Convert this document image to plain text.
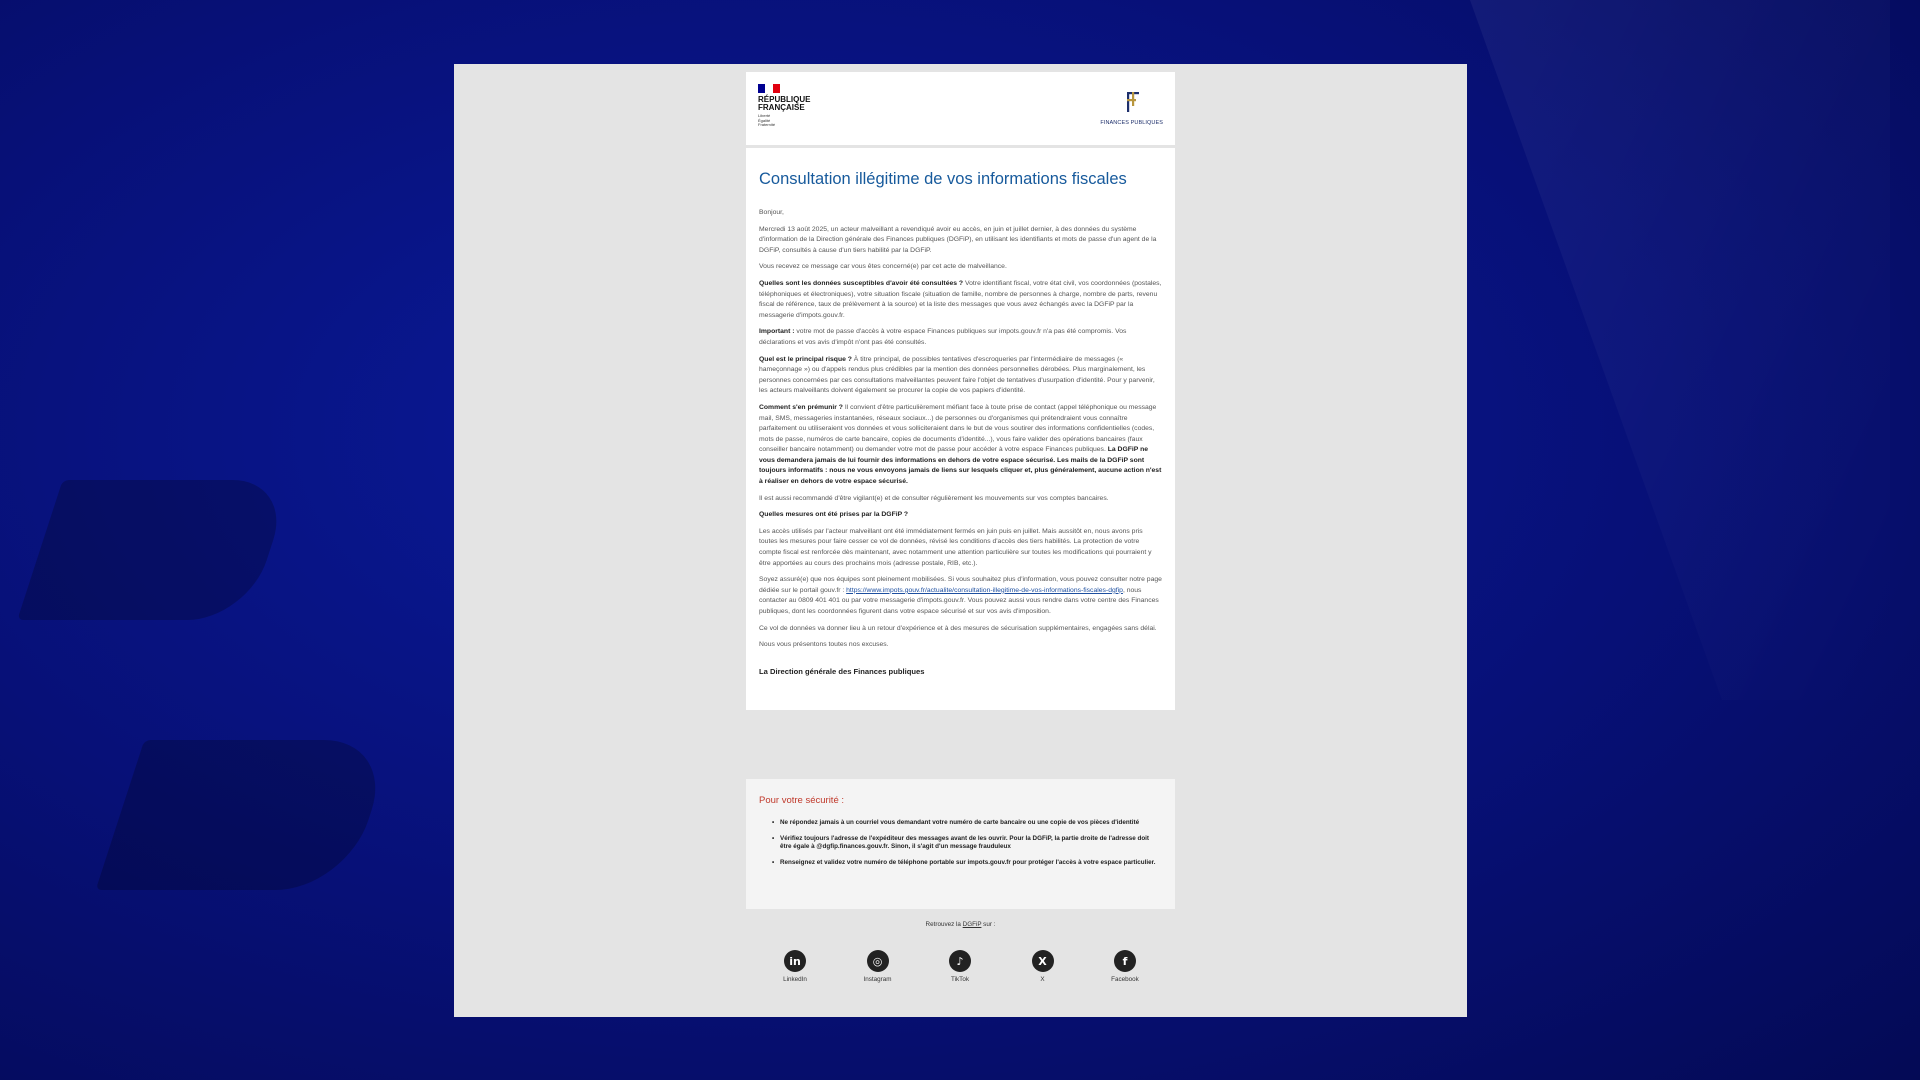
RÉPUBLIQUE
FRANÇAISE
Liberté
Égalité
Fraternité	FINANCES PUBLIQUES
Consultation illégitime de vos informations fiscales

Bonjour,

Mercredi 13 août 2025, un acteur malveillant a revendiqué avoir eu accès, en juin et juillet dernier, à des données du système d'information de la Direction générale des Finances publiques (DGFiP), en utilisant les identifiants et mots de passe d'un agent de la DGFiP, consultés à cause d'un tiers habilité par la DGFiP.

Vous recevez ce message car vous êtes concerné(e) par cet acte de malveillance.

Quelles sont les données susceptibles d'avoir été consultées ? Votre identifiant fiscal, votre état civil, vos coordonnées (postales, téléphoniques et électroniques), votre situation fiscale (situation de famille, nombre de personnes à charge, nombre de parts, revenu fiscal de référence, taux de prélèvement à la source) et la liste des messages que vous avez échangés avec la DGFiP par la messagerie d'impots.gouv.fr.

Important : votre mot de passe d'accès à votre espace Finances publiques sur impots.gouv.fr n'a pas été compromis. Vos déclarations et vos avis d'impôt n'ont pas été consultés.

Quel est le principal risque ? À titre principal, de possibles tentatives d'escroqueries par l'intermédiaire de messages (« hameçonnage ») ou d'appels rendus plus crédibles par la mention des données personnelles dérobées. Plus marginalement, les personnes concernées par ces consultations malveillantes peuvent faire l'objet de tentatives d'usurpation d'identité. Pour y parvenir, les acteurs malveillants doivent également se procurer la copie de vos papiers d'identité.

Comment s'en prémunir ? Il convient d'être particulièrement méfiant face à toute prise de contact (appel téléphonique ou message mail, SMS, messageries instantanées, réseaux sociaux...) de personnes ou d'organismes qui prétendraient vous connaître parfaitement ou utiliseraient vos données et vous solliciteraient dans le but de vous soutirer des informations confidentielles (codes, mots de passe, numéros de carte bancaire, copies de documents d'identité...), vous faire valider des opérations bancaires (faux conseiller bancaire notamment) ou demander votre mot de passe pour accéder à votre espace Finances publiques. La DGFiP ne vous demandera jamais de lui fournir des informations en dehors de votre espace sécurisé. Les mails de la DGFiP sont toujours informatifs : nous ne vous envoyons jamais de liens sur lesquels cliquer et, plus généralement, aucune action n'est à réaliser en dehors de votre espace sécurisé.

Il est aussi recommandé d'être vigilant(e) et de consulter régulièrement les mouvements sur vos comptes bancaires.

Quelles mesures ont été prises par la DGFiP ?

Les accès utilisés par l'acteur malveillant ont été immédiatement fermés en juin puis en juillet. Mais aussitôt en, nous avons pris toutes les mesures pour faire cesser ce vol de données, révisé les conditions d'accès des tiers habilités. La protection de votre compte fiscal est renforcée dès maintenant, avec notamment une attention particulière sur toutes les modifications qui pourraient y être apportées au cours des prochains mois (adresse postale, RIB, etc.).

Soyez assuré(e) que nos équipes sont pleinement mobilisées. Si vous souhaitez plus d'information, vous pouvez consulter notre page dédiée sur le portail gouv.fr : https://www.impots.gouv.fr/actualite/consultation-illegitime-de-vos-informations-fiscales-dgfip, nous contacter au 0809 401 401 ou par votre messagerie d'impots.gouv.fr. Vous pouvez aussi vous rendre dans votre centre des Finances publiques, dont les coordonnées figurent dans votre espace sécurisé et sur vos avis d'imposition.

Ce vol de données va donner lieu à un retour d'expérience et à des mesures de sécurisation supplémentaires, engagées sans délai.

Nous vous présentons toutes nos excuses.

La Direction générale des Finances publiques
Pour votre sécurité :
• Ne répondez jamais à un courriel vous demandant votre numéro de carte bancaire ou une copie de vos pièces d'identité
• Vérifiez toujours l'adresse de l'expéditeur des messages avant de les ouvrir. Pour la DGFiP, la partie droite de l'adresse doit être égale à @dgfip.finances.gouv.fr. Sinon, il s'agit d'un message frauduleux
• Renseignez et validez votre numéro de téléphone portable sur impots.gouv.fr pour protéger l'accès à votre espace particulier.
Retrouvez la DGFiP sur :
in
LinkedIn
◎
Instagram
♪
TikTok
X
X
f
Facebook
